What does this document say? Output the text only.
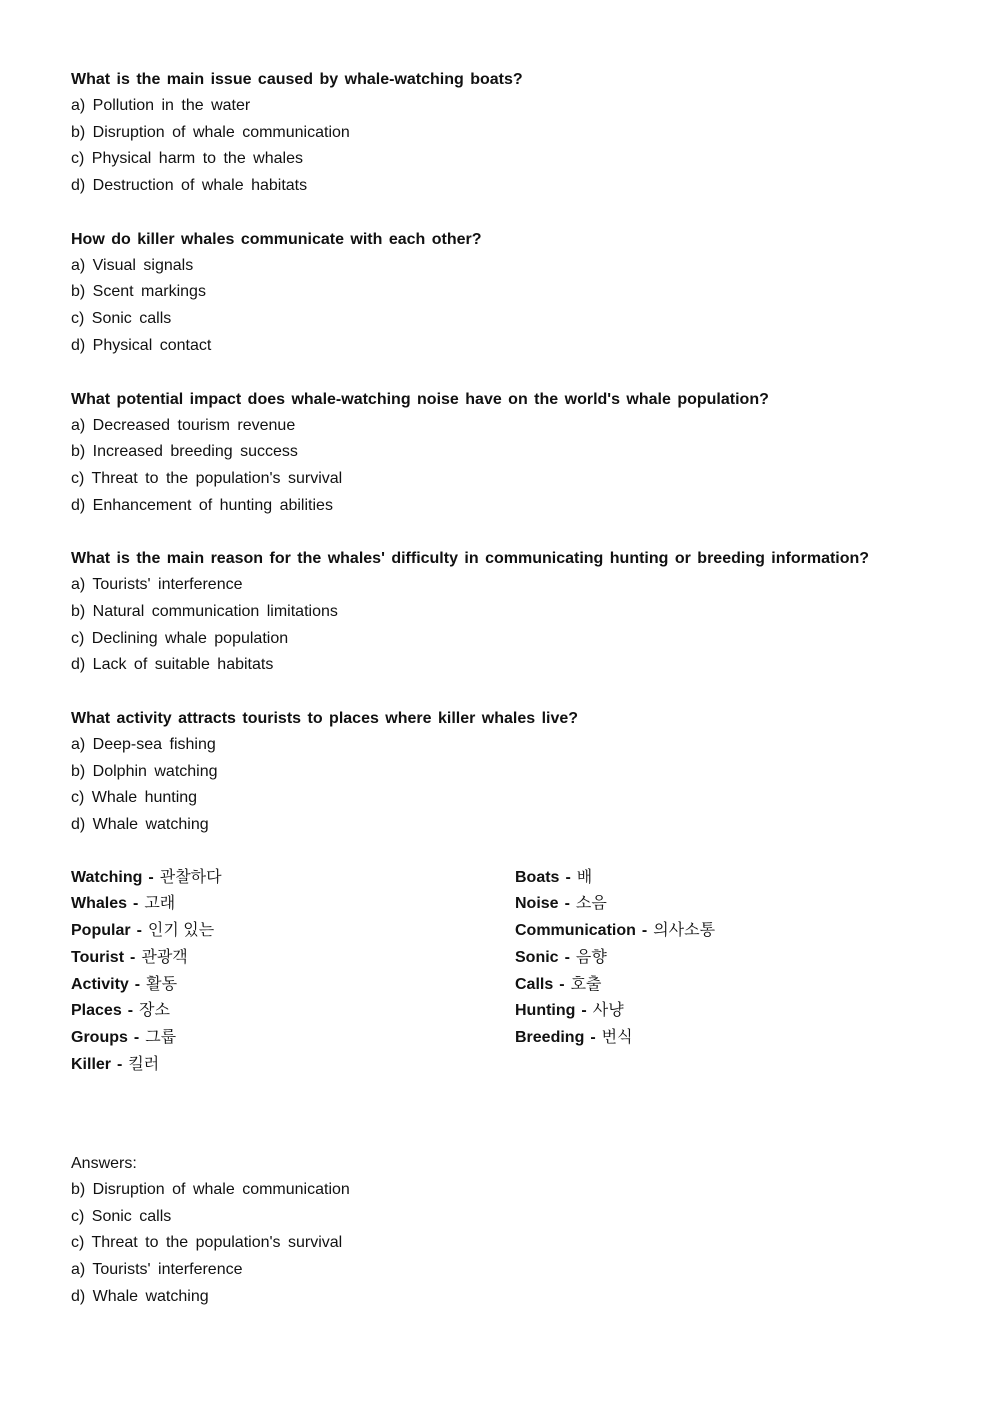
What is the main issue caused by whale-watching boats?
a) Pollution in the water
b) Disruption of whale communication
c) Physical harm to the whales
d) Destruction of whale habitats
How do killer whales communicate with each other?
a) Visual signals
b) Scent markings
c) Sonic calls
d) Physical contact
What potential impact does whale-watching noise have on the world's whale population?
a) Decreased tourism revenue
b) Increased breeding success
c) Threat to the population's survival
d) Enhancement of hunting abilities
What is the main reason for the whales' difficulty in communicating hunting or breeding information?
a) Tourists' interference
b) Natural communication limitations
c) Declining whale population
d) Lack of suitable habitats
What activity attracts tourists to places where killer whales live?
a) Deep-sea fishing
b) Dolphin watching
c) Whale hunting
d) Whale watching
Watching - 관찰하다
Whales - 고래
Popular - 인기 있는
Tourist - 관광객
Activity - 활동
Places - 장소
Groups - 그룹
Killer - 킬러
Boats - 배
Noise - 소음
Communication - 의사소통
Sonic - 음향
Calls - 호출
Hunting - 사냥
Breeding - 번식
Answers:
b) Disruption of whale communication
c) Sonic calls
c) Threat to the population's survival
a) Tourists' interference
d) Whale watching
